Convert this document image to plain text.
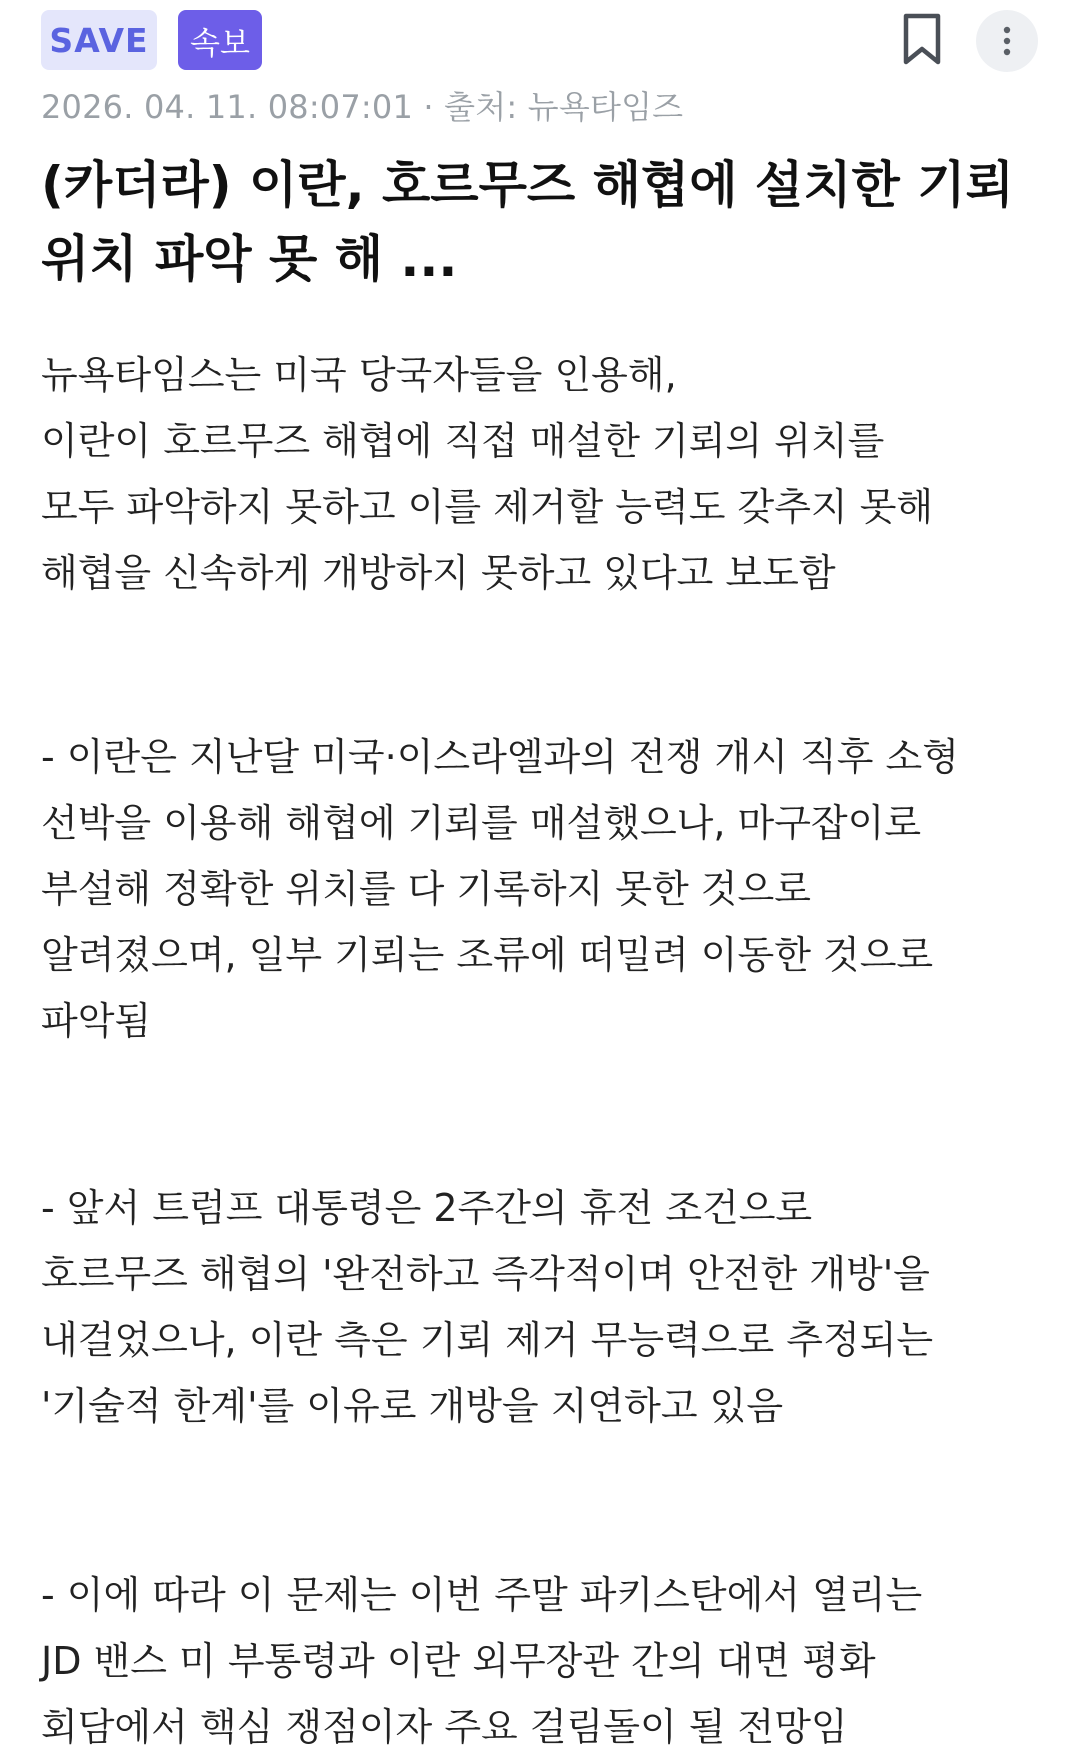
SAVE	속보
2026. 04. 11. 08:07:01 · 출처: 뉴욕타임즈
(카더라) 이란, 호르무즈 해협에 설치한 기뢰
위치 파악 못 해 ...
뉴욕타임스는 미국 당국자들을 인용해,
이란이 호르무즈 해협에 직접 매설한 기뢰의 위치를
모두 파악하지 못하고 이를 제거할 능력도 갖추지 못해
해협을 신속하게 개방하지 못하고 있다고 보도함
- 이란은 지난달 미국·이스라엘과의 전쟁 개시 직후 소형
선박을 이용해 해협에 기뢰를 매설했으나, 마구잡이로
부설해 정확한 위치를 다 기록하지 못한 것으로
알려졌으며, 일부 기뢰는 조류에 떠밀려 이동한 것으로
파악됨
- 앞서 트럼프 대통령은 2주간의 휴전 조건으로
호르무즈 해협의 '완전하고 즉각적이며 안전한 개방'을
내걸었으나, 이란 측은 기뢰 제거 무능력으로 추정되는
'기술적 한계'를 이유로 개방을 지연하고 있음
- 이에 따라 이 문제는 이번 주말 파키스탄에서 열리는
JD 밴스 미 부통령과 이란 외무장관 간의 대면 평화
회담에서 핵심 쟁점이자 주요 걸림돌이 될 전망임
